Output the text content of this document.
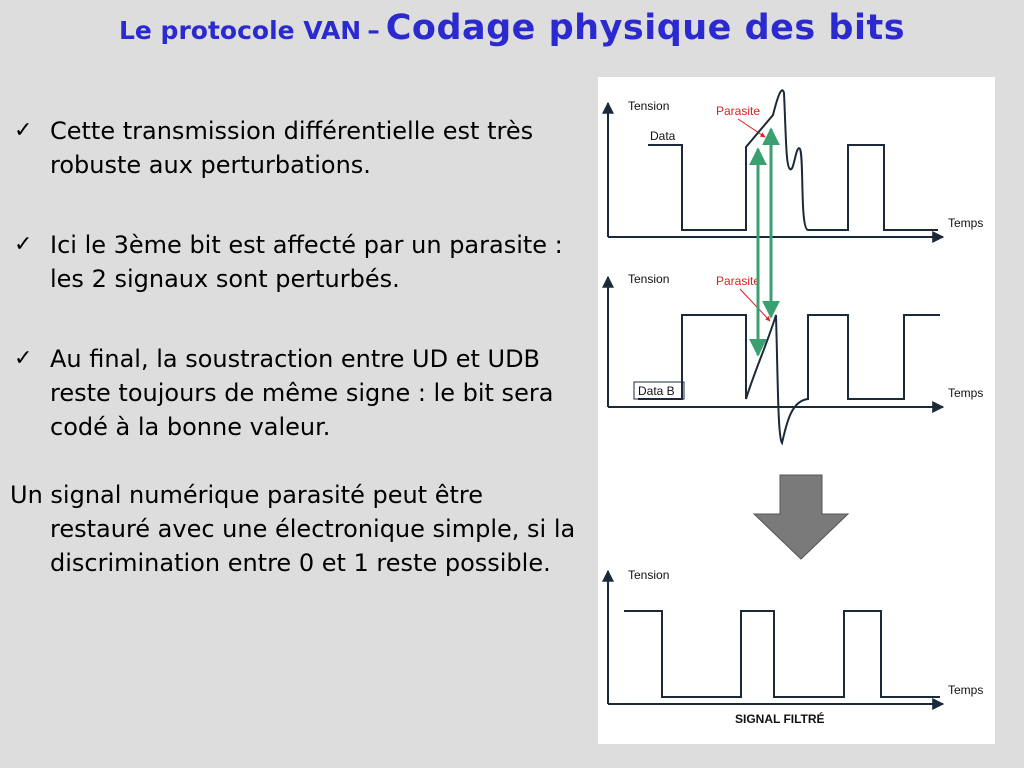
Le protocole VAN – Codage physique des bits
✓ Cette transmission différentielle est très robuste aux perturbations.
✓ Ici le 3ème bit est affecté par un parasite : les 2 signaux sont perturbés.
✓ Au final, la soustraction entre UD et UDB reste toujours de même signe : le bit sera codé à la bonne valeur.
Un signal numérique parasité peut être restauré avec une électronique simple, si la discrimination entre 0 et 1 reste possible.
Tension
Temps
Data
Parasite
Tension
Temps
Data B
Parasite
Tension
Temps
SIGNAL FILTRÉ
